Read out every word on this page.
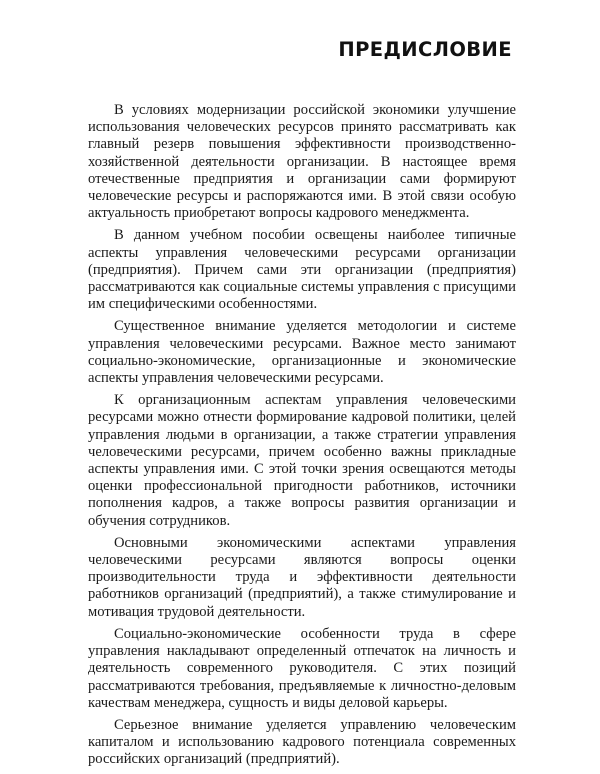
ПРЕДИСЛОВИЕ

В условиях модернизации российской экономики улучшение использования человеческих ресурсов принято рассматривать как главный резерв повышения эффективности производственно-хозяйственной деятельности организации. В настоящее время отечественные предприятия и организации сами формируют человеческие ресурсы и распоряжаются ими. В этой связи особую актуальность приобретают вопросы кадрового менеджмента.

В данном учебном пособии освещены наиболее типичные аспекты управления человеческими ресурсами организации (предприятия). Причем сами эти организации (предприятия) рассматриваются как социальные системы управления с присущими им специфическими особенностями.

Существенное внимание уделяется методологии и системе управления человеческими ресурсами. Важное место занимают социально-экономические, организационные и экономические аспекты управления человеческими ресурсами.

К организационным аспектам управления человеческими ресурсами можно отнести формирование кадровой политики, целей управления людьми в организации, а также стратегии управления человеческими ресурсами, причем особенно важны прикладные аспекты управления ими. С этой точки зрения освещаются методы оценки профессиональной пригодности работников, источники пополнения кадров, а также вопросы развития организации и обучения сотрудников.

Основными экономическими аспектами управления человеческими ресурсами являются вопросы оценки производительности труда и эффективности деятельности работников организаций (предприятий), а также стимулирование и мотивация трудовой деятельности.

Социально-экономические особенности труда в сфере управления накладывают определенный отпечаток на личность и деятельность современного руководителя. С этих позиций рассматриваются требования, предъявляемые к личностно-деловым качествам менеджера, сущность и виды деловой карьеры.

Серьезное внимание уделяется управлению человеческим капиталом и использованию кадрового потенциала современных российских организаций (предприятий).
